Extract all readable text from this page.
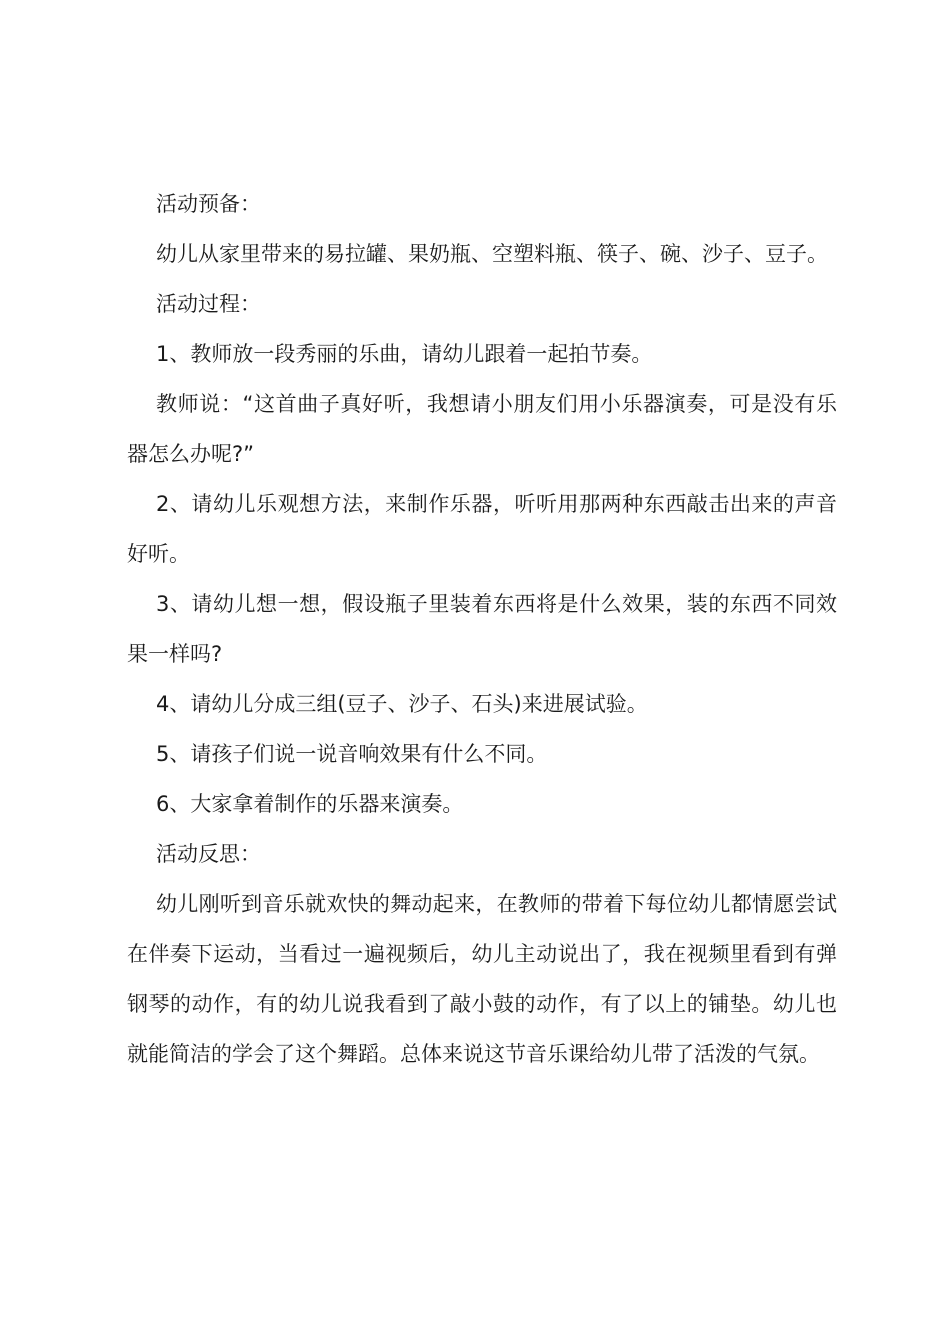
活动预备：

幼儿从家里带来的易拉罐、果奶瓶、空塑料瓶、筷子、碗、沙子、豆子。

活动过程：

1、教师放一段秀丽的乐曲，请幼儿跟着一起拍节奏。

教师说：“这首曲子真好听，我想请小朋友们用小乐器演奏，可是没有乐器怎么办呢?”

2、请幼儿乐观想方法，来制作乐器，听听用那两种东西敲击出来的声音好听。

3、请幼儿想一想，假设瓶子里装着东西将是什么效果，装的东西不同效果一样吗?

4、请幼儿分成三组(豆子、沙子、石头)来进展试验。

5、请孩子们说一说音响效果有什么不同。

6、大家拿着制作的乐器来演奏。

活动反思：

幼儿刚听到音乐就欢快的舞动起来，在教师的带着下每位幼儿都情愿尝试在伴奏下运动，当看过一遍视频后，幼儿主动说出了，我在视频里看到有弹钢琴的动作，有的幼儿说我看到了敲小鼓的动作，有了以上的铺垫。幼儿也就能简洁的学会了这个舞蹈。总体来说这节音乐课给幼儿带了活泼的气氛。
